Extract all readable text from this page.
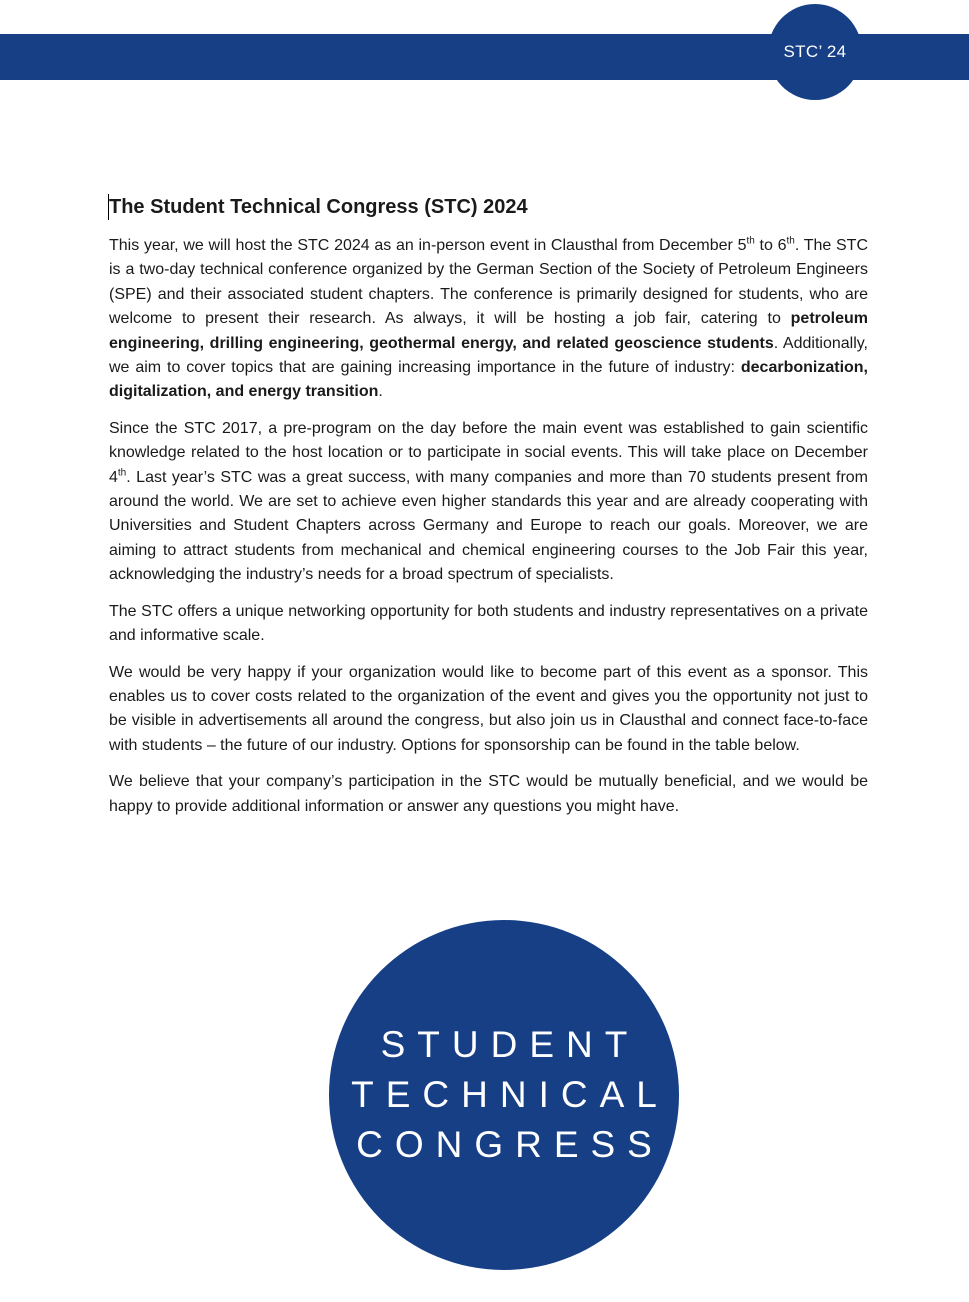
STC’ 24
The Student Technical Congress (STC) 2024

This year, we will host the STC 2024 as an in-person event in Clausthal from December 5th to 6th. The STC is a two-day technical conference organized by the German Section of the Society of Petroleum Engineers (SPE) and their associated student chapters. The conference is primarily designed for students, who are welcome to present their research. As always, it will be hosting a job fair, catering to petroleum engineering, drilling engineering, geothermal energy, and related geoscience students. Additionally, we aim to cover topics that are gaining increasing importance in the future of industry: decarbonization, digitalization, and energy transition.

Since the STC 2017, a pre-program on the day before the main event was established to gain scientific knowledge related to the host location or to participate in social events. This will take place on December 4th. Last year’s STC was a great success, with many companies and more than 70 students present from around the world. We are set to achieve even higher standards this year and are already cooperating with Universities and Student Chapters across Germany and Europe to reach our goals. Moreover, we are aiming to attract students from mechanical and chemical engineering courses to the Job Fair this year, acknowledging the industry’s needs for a broad spectrum of specialists.

The STC offers a unique networking opportunity for both students and industry representatives on a private and informative scale.

We would be very happy if your organization would like to become part of this event as a sponsor. This enables us to cover costs related to the organization of the event and gives you the opportunity not just to be visible in advertisements all around the congress, but also join us in Clausthal and connect face-to-face with students – the future of our industry. Options for sponsorship can be found in the table below.

We believe that your company’s participation in the STC would be mutually beneficial, and we would be happy to provide additional information or answer any questions you might have.

STUDENT
TECHNICAL
CONGRESS
